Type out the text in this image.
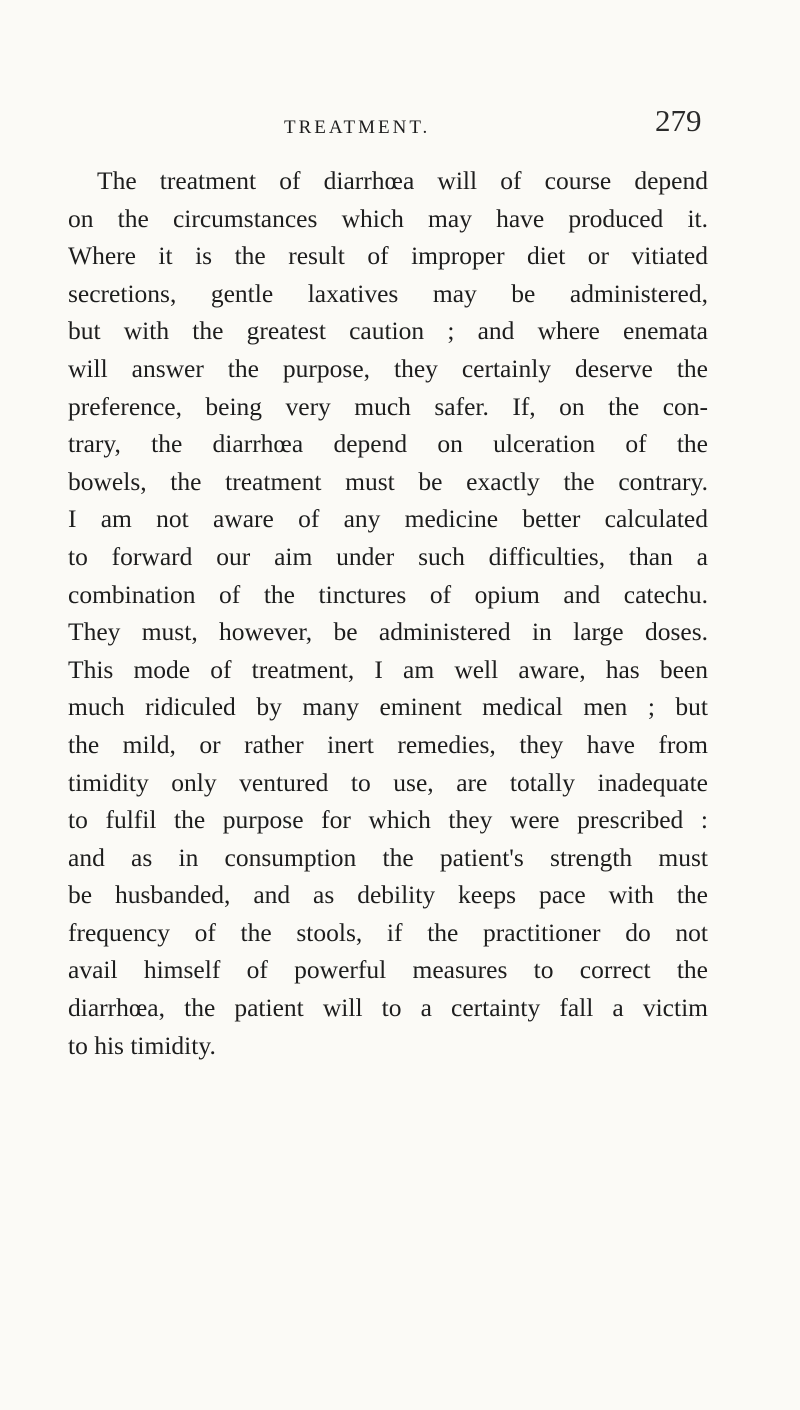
TREATMENT.	279
The treatment of diarrhœa will of course depend
on the circumstances which may have produced it.
Where it is the result of improper diet or vitiated
secretions, gentle laxatives may be administered,
but with the greatest caution ; and where enemata
will answer the purpose, they certainly deserve the
preference, being very much safer. If, on the con-
trary, the diarrhœa depend on ulceration of the
bowels, the treatment must be exactly the contrary.
I am not aware of any medicine better calculated
to forward our aim under such difficulties, than a
combination of the tinctures of opium and catechu.
They must, however, be administered in large doses.
This mode of treatment, I am well aware, has been
much ridiculed by many eminent medical men ; but
the mild, or rather inert remedies, they have from
timidity only ventured to use, are totally inadequate
to fulfil the purpose for which they were prescribed :
and as in consumption the patient's strength must
be husbanded, and as debility keeps pace with the
frequency of the stools, if the practitioner do not
avail himself of powerful measures to correct the
diarrhœa, the patient will to a certainty fall a victim
to his timidity.
